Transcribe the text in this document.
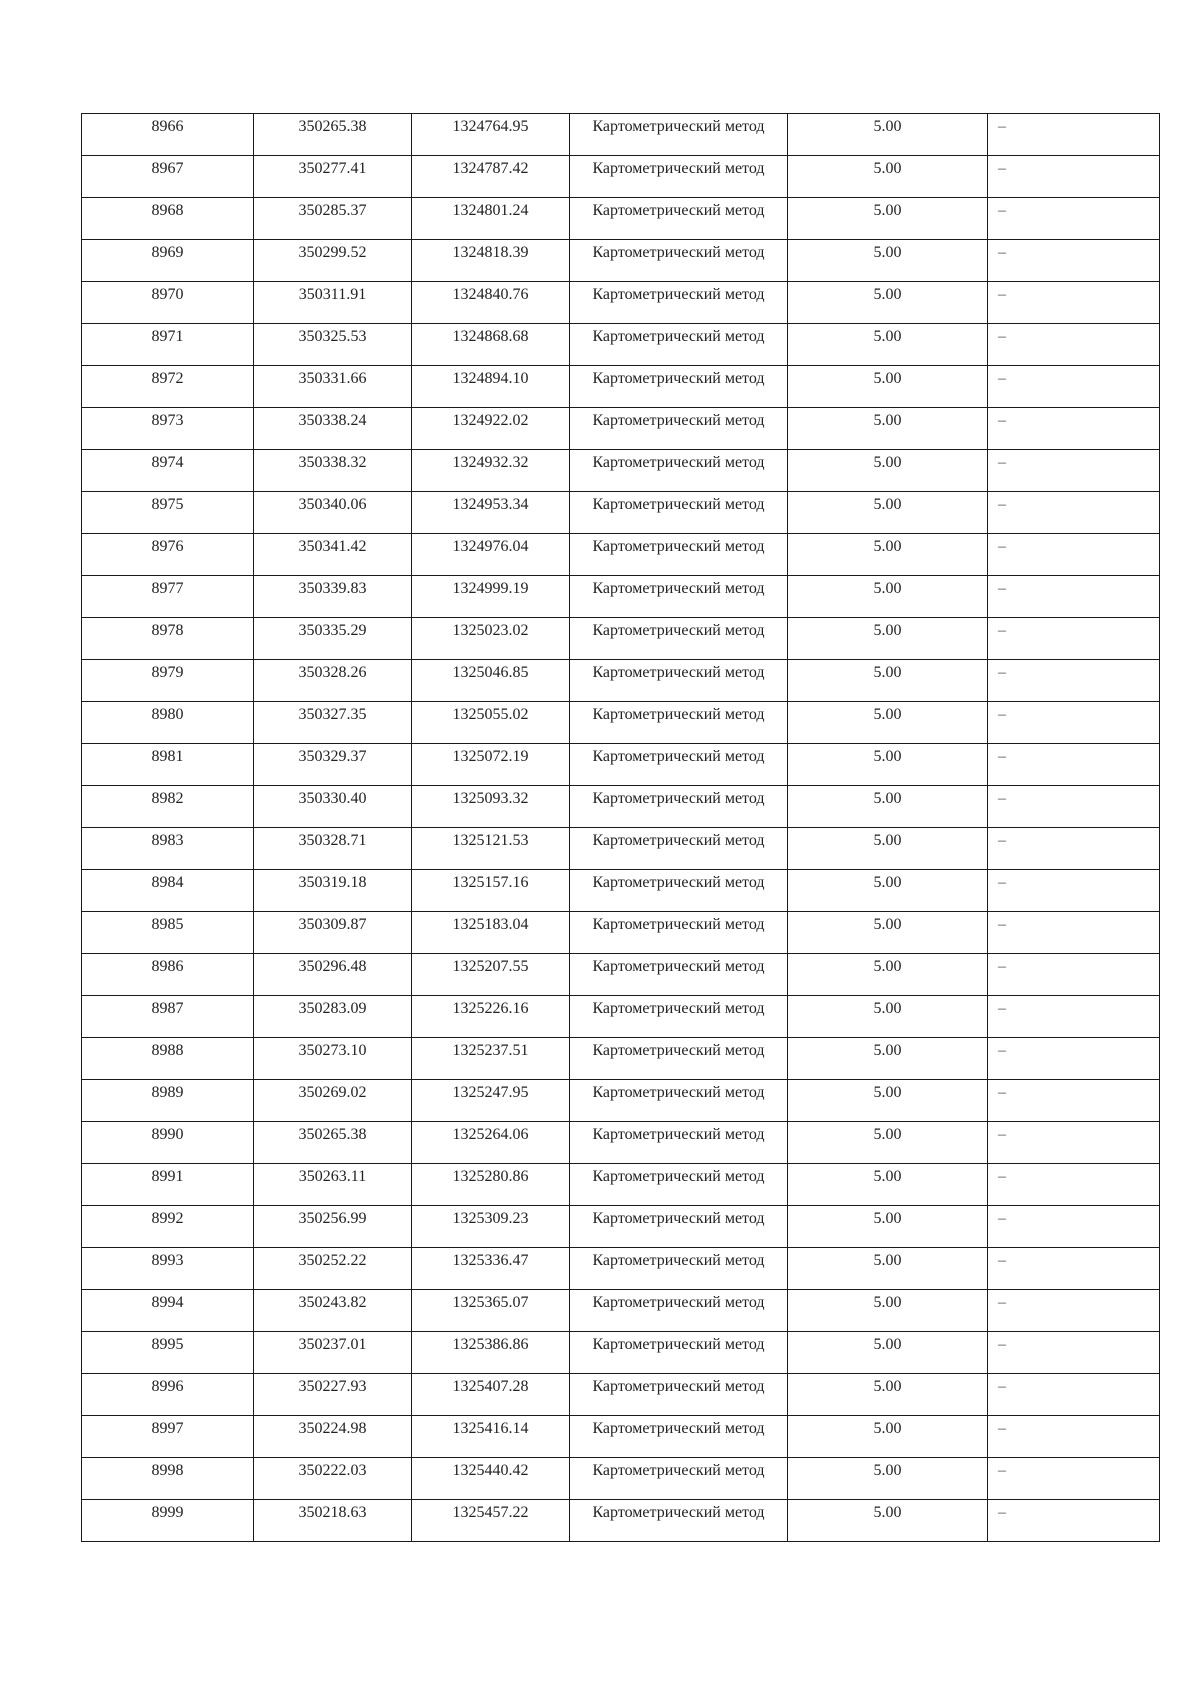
8966	350265.38	1324764.95	Картометрический метод	5.00	–

8967	350277.41	1324787.42	Картометрический метод	5.00	–

8968	350285.37	1324801.24	Картометрический метод	5.00	–

8969	350299.52	1324818.39	Картометрический метод	5.00	–

8970	350311.91	1324840.76	Картометрический метод	5.00	–

8971	350325.53	1324868.68	Картометрический метод	5.00	–

8972	350331.66	1324894.10	Картометрический метод	5.00	–

8973	350338.24	1324922.02	Картометрический метод	5.00	–

8974	350338.32	1324932.32	Картометрический метод	5.00	–

8975	350340.06	1324953.34	Картометрический метод	5.00	–

8976	350341.42	1324976.04	Картометрический метод	5.00	–

8977	350339.83	1324999.19	Картометрический метод	5.00	–

8978	350335.29	1325023.02	Картометрический метод	5.00	–

8979	350328.26	1325046.85	Картометрический метод	5.00	–

8980	350327.35	1325055.02	Картометрический метод	5.00	–

8981	350329.37	1325072.19	Картометрический метод	5.00	–

8982	350330.40	1325093.32	Картометрический метод	5.00	–

8983	350328.71	1325121.53	Картометрический метод	5.00	–

8984	350319.18	1325157.16	Картометрический метод	5.00	–

8985	350309.87	1325183.04	Картометрический метод	5.00	–

8986	350296.48	1325207.55	Картометрический метод	5.00	–

8987	350283.09	1325226.16	Картометрический метод	5.00	–

8988	350273.10	1325237.51	Картометрический метод	5.00	–

8989	350269.02	1325247.95	Картометрический метод	5.00	–

8990	350265.38	1325264.06	Картометрический метод	5.00	–

8991	350263.11	1325280.86	Картометрический метод	5.00	–

8992	350256.99	1325309.23	Картометрический метод	5.00	–

8993	350252.22	1325336.47	Картометрический метод	5.00	–

8994	350243.82	1325365.07	Картометрический метод	5.00	–

8995	350237.01	1325386.86	Картометрический метод	5.00	–

8996	350227.93	1325407.28	Картометрический метод	5.00	–

8997	350224.98	1325416.14	Картометрический метод	5.00	–

8998	350222.03	1325440.42	Картометрический метод	5.00	–

8999	350218.63	1325457.22	Картометрический метод	5.00	–
